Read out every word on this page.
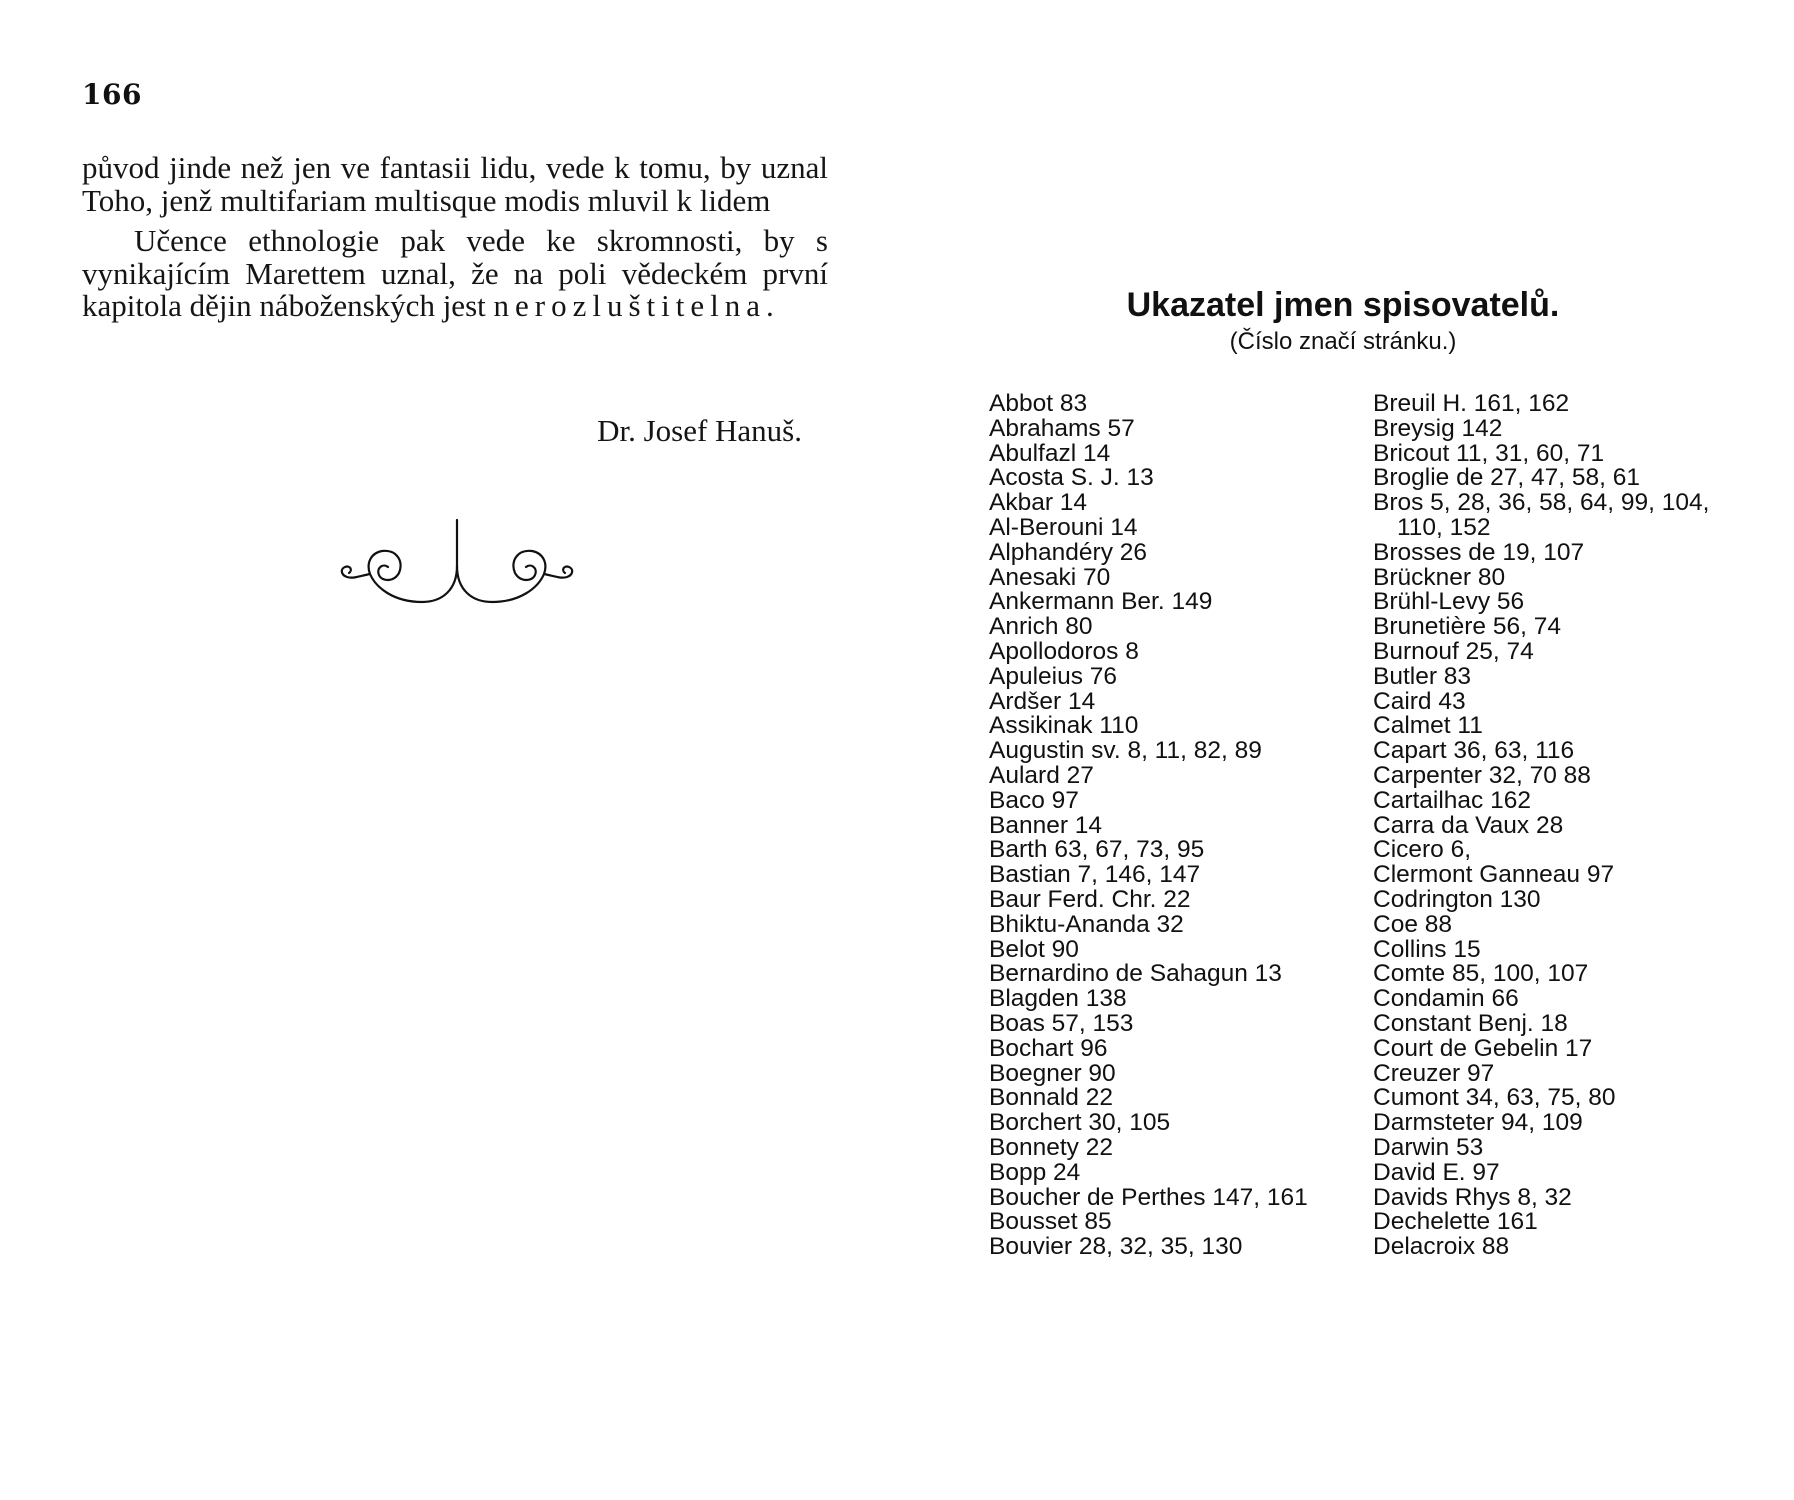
166

původ jinde než jen ve fantasii lidu, vede k tomu, by uznal Toho, jenž multifariam multisque modis mluvil k lidem

Učence ethnologie pak vede ke skromnosti, by s vynikajícím Marettem uznal, že na poli vědeckém první kapitola dějin náboženských jest nerozluštitelna.

Dr. Josef Hanuš.
Ukazatel jmen spisovatelů.
(Číslo značí stránku.)
Abbot 83
Abrahams 57
Abulfazl 14
Acosta S. J. 13
Akbar 14
Al-Berouni 14
Alphandéry 26
Anesaki 70
Ankermann Ber. 149
Anrich 80
Apollodoros 8
Apuleius 76
Ardšer 14
Assikinak 110
Augustin sv. 8, 11, 82, 89
Aulard 27
Baco 97
Banner 14
Barth 63, 67, 73, 95
Bastian 7, 146, 147
Baur Ferd. Chr. 22
Bhiktu-Ananda 32
Belot 90
Bernardino de Sahagun 13
Blagden 138
Boas 57, 153
Bochart 96
Boegner 90
Bonnald 22
Borchert 30, 105
Bonnety 22
Bopp 24
Boucher de Perthes 147, 161
Bousset 85
Bouvier 28, 32, 35, 130
Breuil H. 161, 162
Breysig 142
Bricout 11, 31, 60, 71
Broglie de 27, 47, 58, 61
Bros 5, 28, 36, 58, 64, 99, 104,
110, 152
Brosses de 19, 107
Brückner 80
Brühl-Levy 56
Brunetière 56, 74
Burnouf 25, 74
Butler 83
Caird 43
Calmet 11
Capart 36, 63, 116
Carpenter 32, 70 88
Cartailhac 162
Carra da Vaux 28
Cicero 6,
Clermont Ganneau 97
Codrington 130
Coe 88
Collins 15
Comte 85, 100, 107
Condamin 66
Constant Benj. 18
Court de Gebelin 17
Creuzer 97
Cumont 34, 63, 75, 80
Darmsteter 94, 109
Darwin 53
David E. 97
Davids Rhys 8, 32
Dechelette 161
Delacroix 88
